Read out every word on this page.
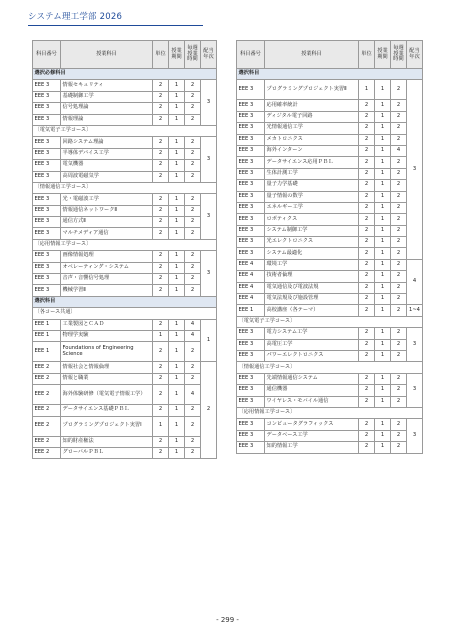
システム理工学部 2026
科目番号	授業科目	単位	授業期間	毎週授業時間	配当年次
選択必修科目					
EEE 3	情報セキュリティ	2	1	2	3
EEE 3	基礎制御工学	2	1	2	
EEE 3	信号処理論	2	1	2	
EEE 3	情報理論	2	1	2	
〔電気電子工学コース〕					
EEE 3	回路システム理論	2	1	2	3
EEE 3	半導体デバイス工学	2	1	2	
EEE 3	電気機器	2	1	2	
EEE 3	高周波電磁気学	2	1	2	
〔情報通信工学コース〕					
EEE 3	光・電磁波工学	2	1	2	3
EEE 3	情報通信ネットワークⅡ	2	1	2	
EEE 3	通信方式Ⅱ	2	1	2	
EEE 3	マルチメディア通信	2	1	2	
〔応用情報工学コース〕					
EEE 3	画像情報処理	2	1	2	3
EEE 3	オペレーティング・システム	2	1	2	
EEE 3	音声・音響信号処理	2	1	2	
EEE 3	機械学習Ⅱ	2	1	2	
選択科目					
〔各コース共通〕					
EEE 1	工業製図とＣＡＤ	2	1	4	1
EEE 1	物理学実験	1	1	4	
EEE 1	Foundations of Engineering Science	2	1	2	
EEE 2	情報社会と情報倫理	2	1	2	2
EEE 2	情報と職業	2	1	2	
EEE 2	海外体験研修（電気電子情報工学）	2	1	4	
EEE 2	データサイエンス基礎ＰＢＬ	2	1	2	
EEE 2	プログラミングプロジェクト実習Ⅰ	1	1	2	
EEE 2	知的財産権法	2	1	2	
EEE 2	グローバルＰＢＬ	2	1	2	
科目番号	授業科目	単位	授業期間	毎週授業時間	配当年次
選択科目					
EEE 3	プログラミングプロジェクト実習Ⅱ	1	1	2	3
EEE 3	応用確率統計	2	1	2	
EEE 3	ディジタル電子回路	2	1	2	
EEE 3	光情報通信工学	2	1	2	
EEE 3	メカトロニクス	2	1	2	
EEE 3	海外インターン	2	1	4	
EEE 3	データサイエンス応用ＰＢＬ	2	1	2	
EEE 3	生体計測工学	2	1	2	
EEE 3	量子力学基礎	2	1	2	
EEE 3	量子情報の数学	2	1	2	
EEE 3	エネルギー工学	2	1	2	
EEE 3	ロボティクス	2	1	2	
EEE 3	システム制御工学	2	1	2	
EEE 3	光エレクトロニクス	2	1	2	
EEE 3	システム最適化	2	1	2	
EEE 4	環境工学	2	1	2	4
EEE 4	技術者倫理	2	1	2	
EEE 4	電気通信及び電波法規	2	1	2	
EEE 4	電気法規及び施設管理	2	1	2	
EEE 1	高校講座（各テーマ）	2	1	2	1~4
〔電気電子工学コース〕					
EEE 3	電力システム工学	2	1	2	3
EEE 3	高電圧工学	2	1	2	
EEE 3	パワーエレクトロニクス	2	1	2	
〔情報通信工学コース〕					
EEE 3	先端情報通信システム	2	1	2	3
EEE 3	通信機器	2	1	2	
EEE 3	ワイヤレス・モバイル通信	2	1	2	
〔応用情報工学コース〕					
EEE 3	コンピュータグラフィックス	2	1	2	3
EEE 3	データベース工学	2	1	2	
EEE 3	知的情報工学	2	1	2	
- 299 -
